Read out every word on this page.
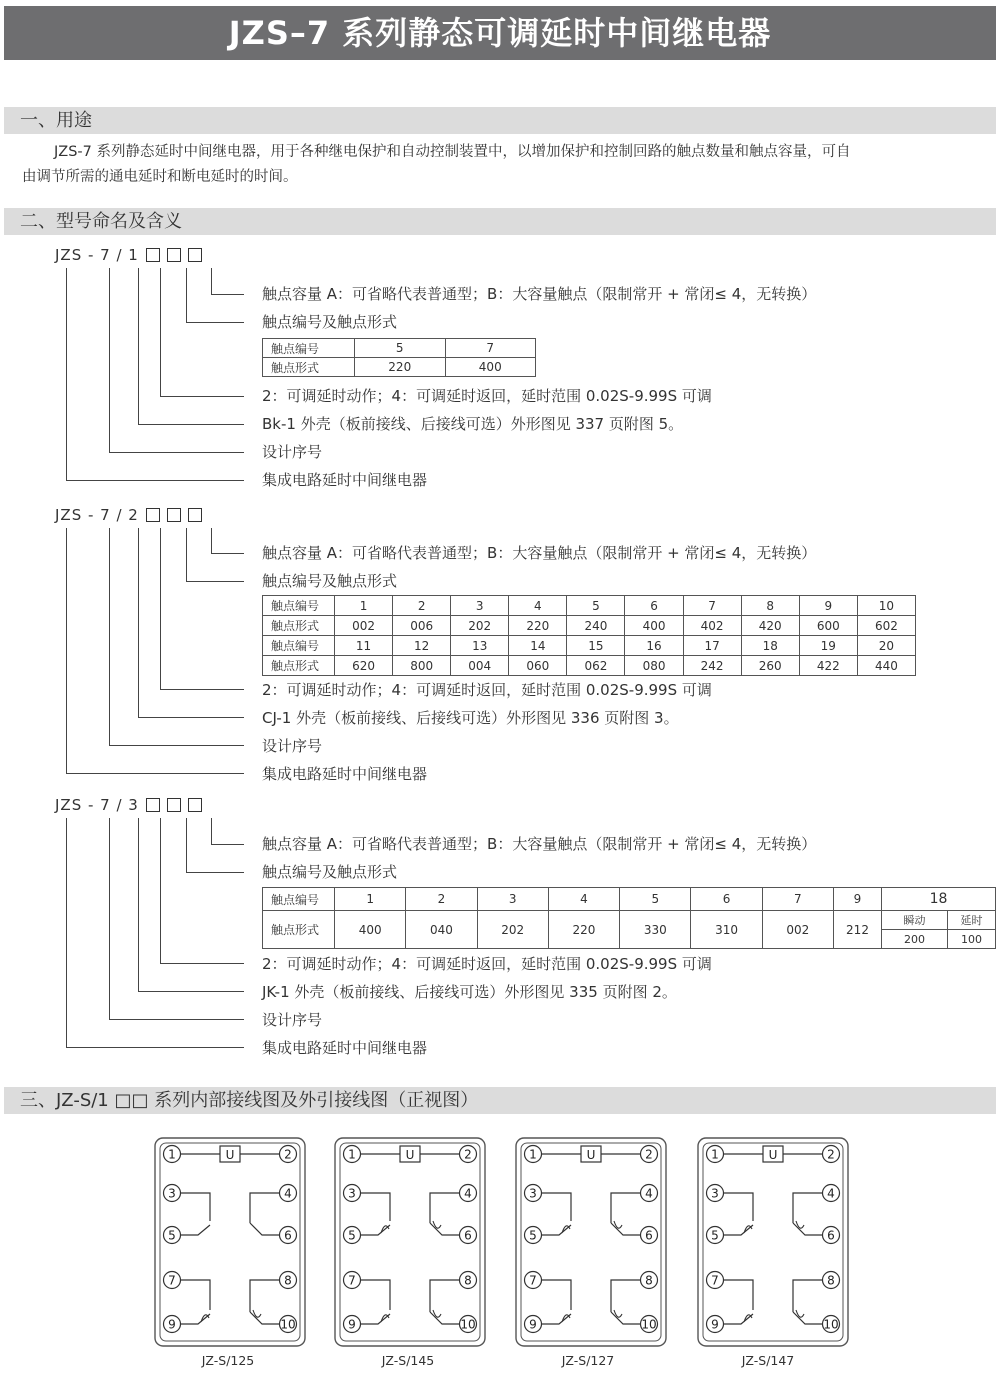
JZS–7 系列静态可调延时中间继电器
一、用途
JZS-7 系列静态延时中间继电器，用于各种继电保护和自动控制装置中，以增加保护和控制回路的触点数量和触点容量，可自
由调节所需的通电延时和断电延时的时间。
二、型号命名及含义
JZS - 7 / 1
触点容量 A：可省略代表普通型；B：大容量触点（限制常开 + 常闭≤ 4，无转换）
触点编号及触点形式
触点编号	5	7
触点形式	220	400
2：可调延时动作；4：可调延时返回，延时范围 0.02S-9.99S 可调
Bk-1 外壳（板前接线、后接线可选）外形图见 337 页附图 5。
设计序号
集成电路延时中间继电器
JZS - 7 / 2
触点容量 A：可省略代表普通型；B：大容量触点（限制常开 + 常闭≤ 4，无转换）
触点编号及触点形式
触点编号	1	2	3	4	5	6	7	8	9	10
触点形式	002	006	202	220	240	400	402	420	600	602
触点编号	11	12	13	14	15	16	17	18	19	20
触点形式	620	800	004	060	062	080	242	260	422	440
2：可调延时动作；4：可调延时返回，延时范围 0.02S-9.99S 可调
CJ-1 外壳（板前接线、后接线可选）外形图见 336 页附图 3。
设计序号
集成电路延时中间继电器
JZS - 7 / 3
触点容量 A：可省略代表普通型；B：大容量触点（限制常开 + 常闭≤ 4，无转换）
触点编号及触点形式
触点编号	1	2	3	4	5	6	7	9	18	
触点形式	400	040	202	220	330	310	002	212	瞬动	延时
									200	100
2：可调延时动作；4：可调延时返回，延时范围 0.02S-9.99S 可调
JK-1 外壳（板前接线、后接线可选）外形图见 335 页附图 2。
设计序号
集成电路延时中间继电器
三、JZ-S/1 □□ 系列内部接线图及外引接线图（正视图）
U
1	2
3
5
4
6
7
9
8
10
U
1	2
3
5
4
6
7
9
8
10
U
1	2
3
5
4
6
7
9
8
10
U
1	2
3
5
4
6
7
9
8
10
JZ-S/125	JZ-S/145	JZ-S/127	JZ-S/147
